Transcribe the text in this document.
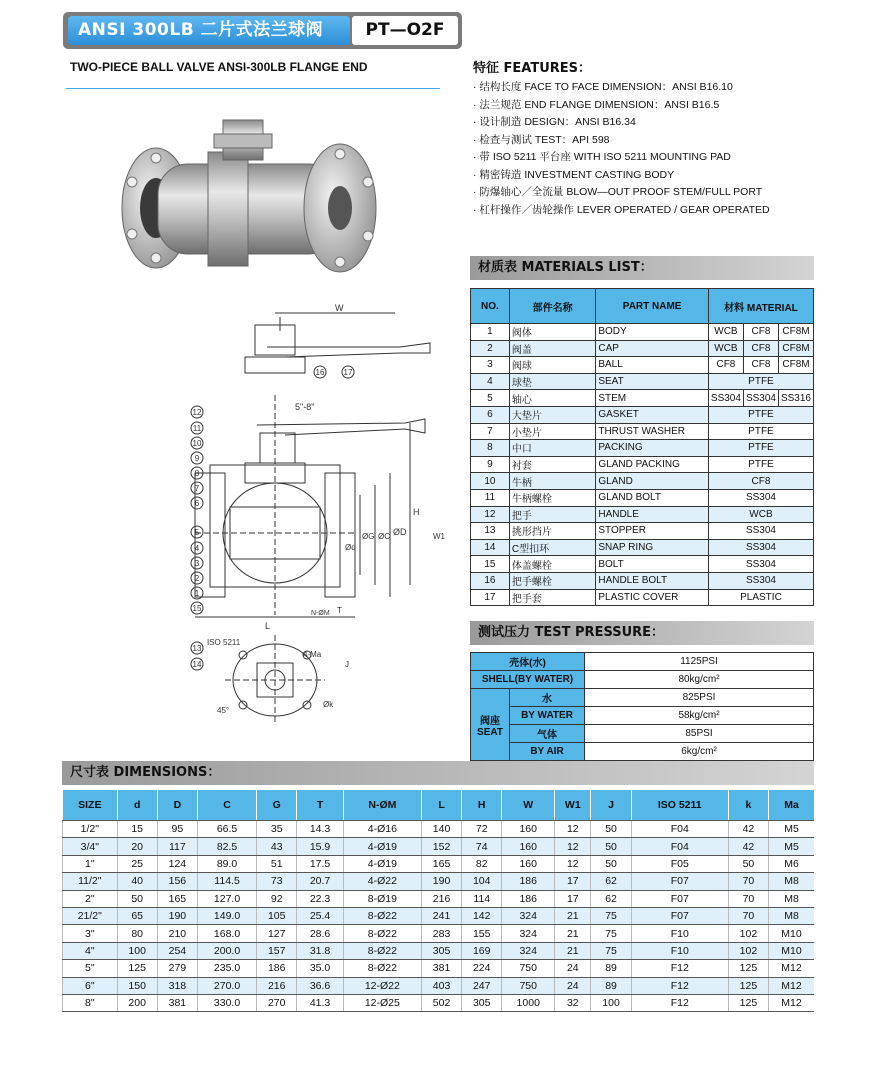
ANSI 300LB 二片式法兰球阀	PT—O2F
TWO-PIECE BALL VALVE ANSI-300LB FLANGE END
W
5"-8"
L
H
ØD
ØC
ØG
Ød
N-ØM T
W1
ISO 5211
4-Ma
Øk
45°
J
12
11
10
9
8
7
6
5
4
3
2
1
15
16 17
13
14
特征 FEATURES：
· 结构长度 FACE TO FACE DIMENSION：ANSI B16.10
· 法兰规范 END FLANGE DIMENSION：ANSI B16.5
· 设计制造 DESIGN：ANSI B16.34
· 检查与测试 TEST：API 598
· 带 ISO 5211 平台座 WITH ISO 5211 MOUNTING PAD
· 精密铸造 INVESTMENT CASTING BODY
· 防爆轴心／全流量 BLOW—OUT PROOF STEM/FULL PORT
· 杠杆操作／齿轮操作 LEVER OPERATED / GEAR OPERATED
材质表 MATERIALS LIST：
NO.	部件名称	PART NAME	材料 MATERIAL		
1	阀体	BODY	WCB	CF8	CF8M
2	阀盖	CAP	WCB	CF8	CF8M
3	阀球	BALL	CF8	CF8	CF8M
4	球垫	SEAT	PTFE		
5	轴心	STEM	SS304	SS304	SS316
6	大垫片	GASKET	PTFE		
7	小垫片	THRUST WASHER	PTFE		
8	中口	PACKING	PTFE		
9	衬套	GLAND PACKING	PTFE		
10	牛柄	GLAND	CF8		
11	牛柄螺栓	GLAND BOLT	SS304		
12	把手	HANDLE	WCB		
13	挑形挡片	STOPPER	SS304		
14	C型扣环	SNAP RING	SS304		
15	体盖螺栓	BOLT	SS304		
16	把手螺栓	HANDLE BOLT	SS304		
17	把手套	PLASTIC COVER	PLASTIC		
测试压力 TEST PRESSURE：
壳体(水)		1125PSI
SHELL(BY WATER)		80kg/cm²
阀座
SEAT	水	825PSI
	BY WATER	58kg/cm²
	气体	85PSI
	BY AIR	6kg/cm²
尺寸表 DIMENSIONS：
SIZE	d	D	C	G	T	N-ØM	L	H	W	W1	J	ISO 5211	k	Ma
1/2"	15	95	66.5	35	14.3	4-Ø16	140	72	160	12	50	F04	42	M5
3/4"	20	117	82.5	43	15.9	4-Ø19	152	74	160	12	50	F04	42	M5
1"	25	124	89.0	51	17.5	4-Ø19	165	82	160	12	50	F05	50	M6
11/2"	40	156	114.5	73	20.7	4-Ø22	190	104	186	17	62	F07	70	M8
2"	50	165	127.0	92	22.3	8-Ø19	216	114	186	17	62	F07	70	M8
21/2"	65	190	149.0	105	25.4	8-Ø22	241	142	324	21	75	F07	70	M8
3"	80	210	168.0	127	28.6	8-Ø22	283	155	324	21	75	F10	102	M10
4"	100	254	200.0	157	31.8	8-Ø22	305	169	324	21	75	F10	102	M10
5"	125	279	235.0	186	35.0	8-Ø22	381	224	750	24	89	F12	125	M12
6"	150	318	270.0	216	36.6	12-Ø22	403	247	750	24	89	F12	125	M12
8"	200	381	330.0	270	41.3	12-Ø25	502	305	1000	32	100	F12	125	M12
